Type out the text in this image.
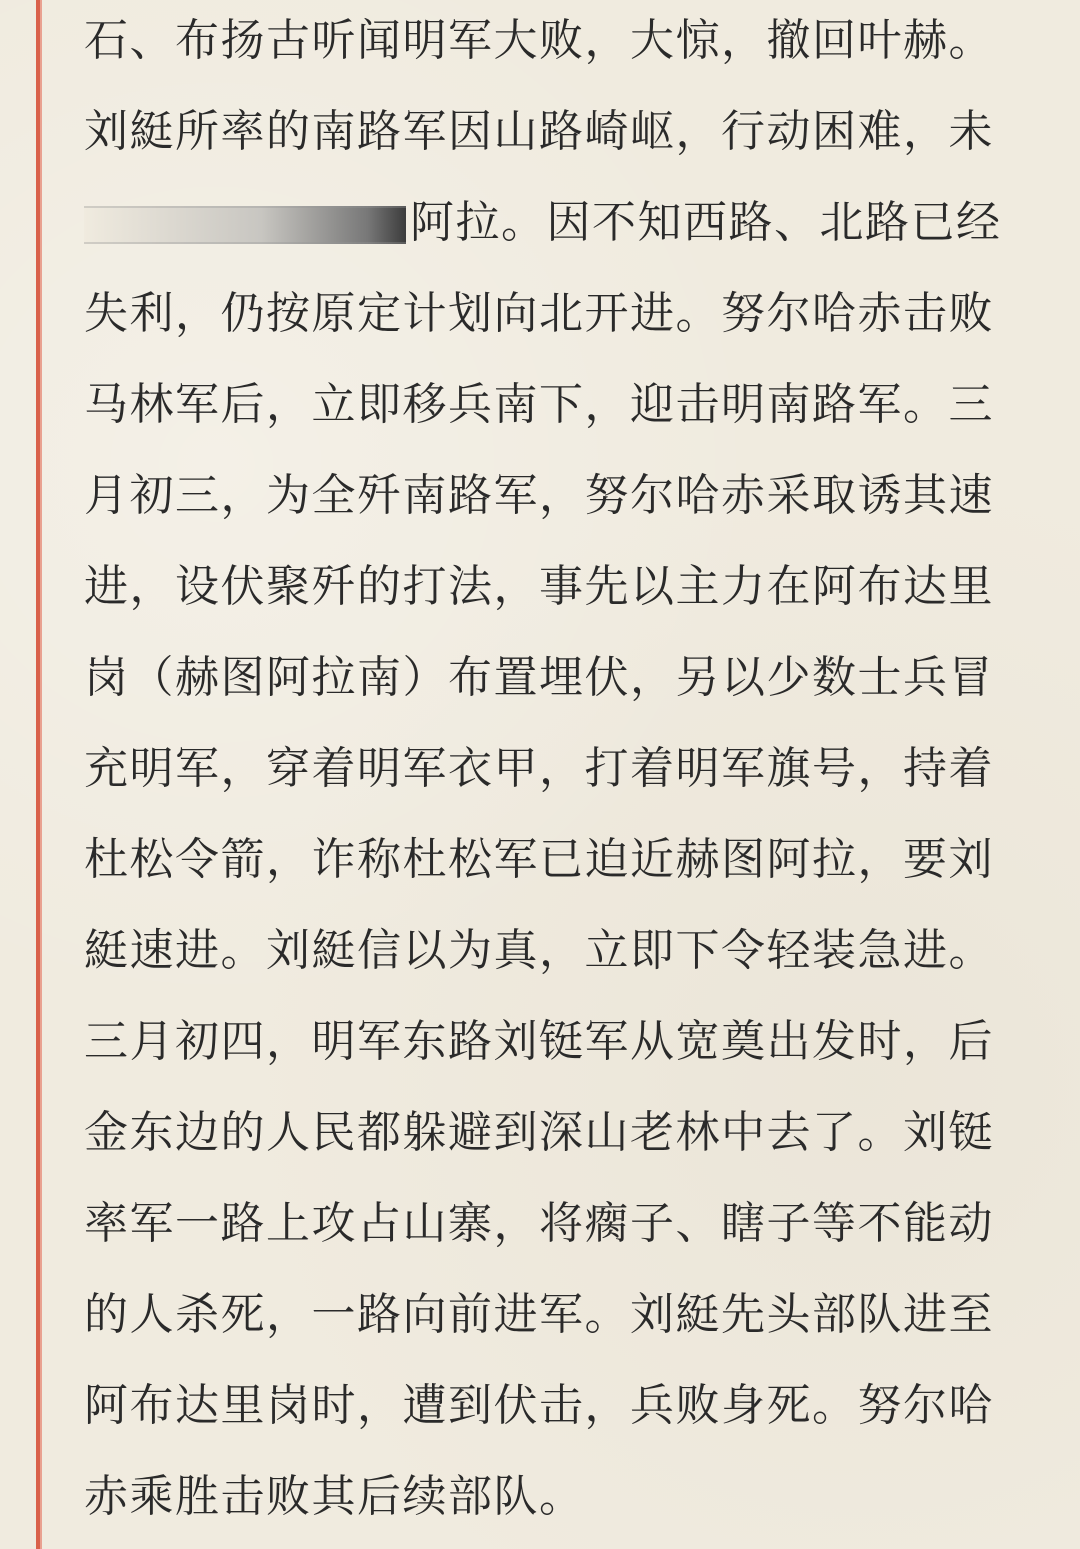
石、布扬古听闻明军大败，大惊，撤回叶赫。
刘綎所率的南路军因山路崎岖，行动困难，未
阿拉。因不知西路、北路已经
失利，仍按原定计划向北开进。努尔哈赤击败
马林军后，立即移兵南下，迎击明南路军。三
月初三，为全歼南路军，努尔哈赤采取诱其速
进，设伏聚歼的打法，事先以主力在阿布达里
岗（赫图阿拉南）布置埋伏，另以少数士兵冒
充明军，穿着明军衣甲，打着明军旗号，持着
杜松令箭，诈称杜松军已迫近赫图阿拉，要刘
綎速进。刘綎信以为真，立即下令轻装急进。
三月初四，明军东路刘铤军从宽奠出发时，后
金东边的人民都躲避到深山老林中去了。刘铤
率军一路上攻占山寨，将瘸子、瞎子等不能动
的人杀死，一路向前进军。刘綎先头部队进至
阿布达里岗时，遭到伏击，兵败身死。努尔哈
赤乘胜击败其后续部队。
